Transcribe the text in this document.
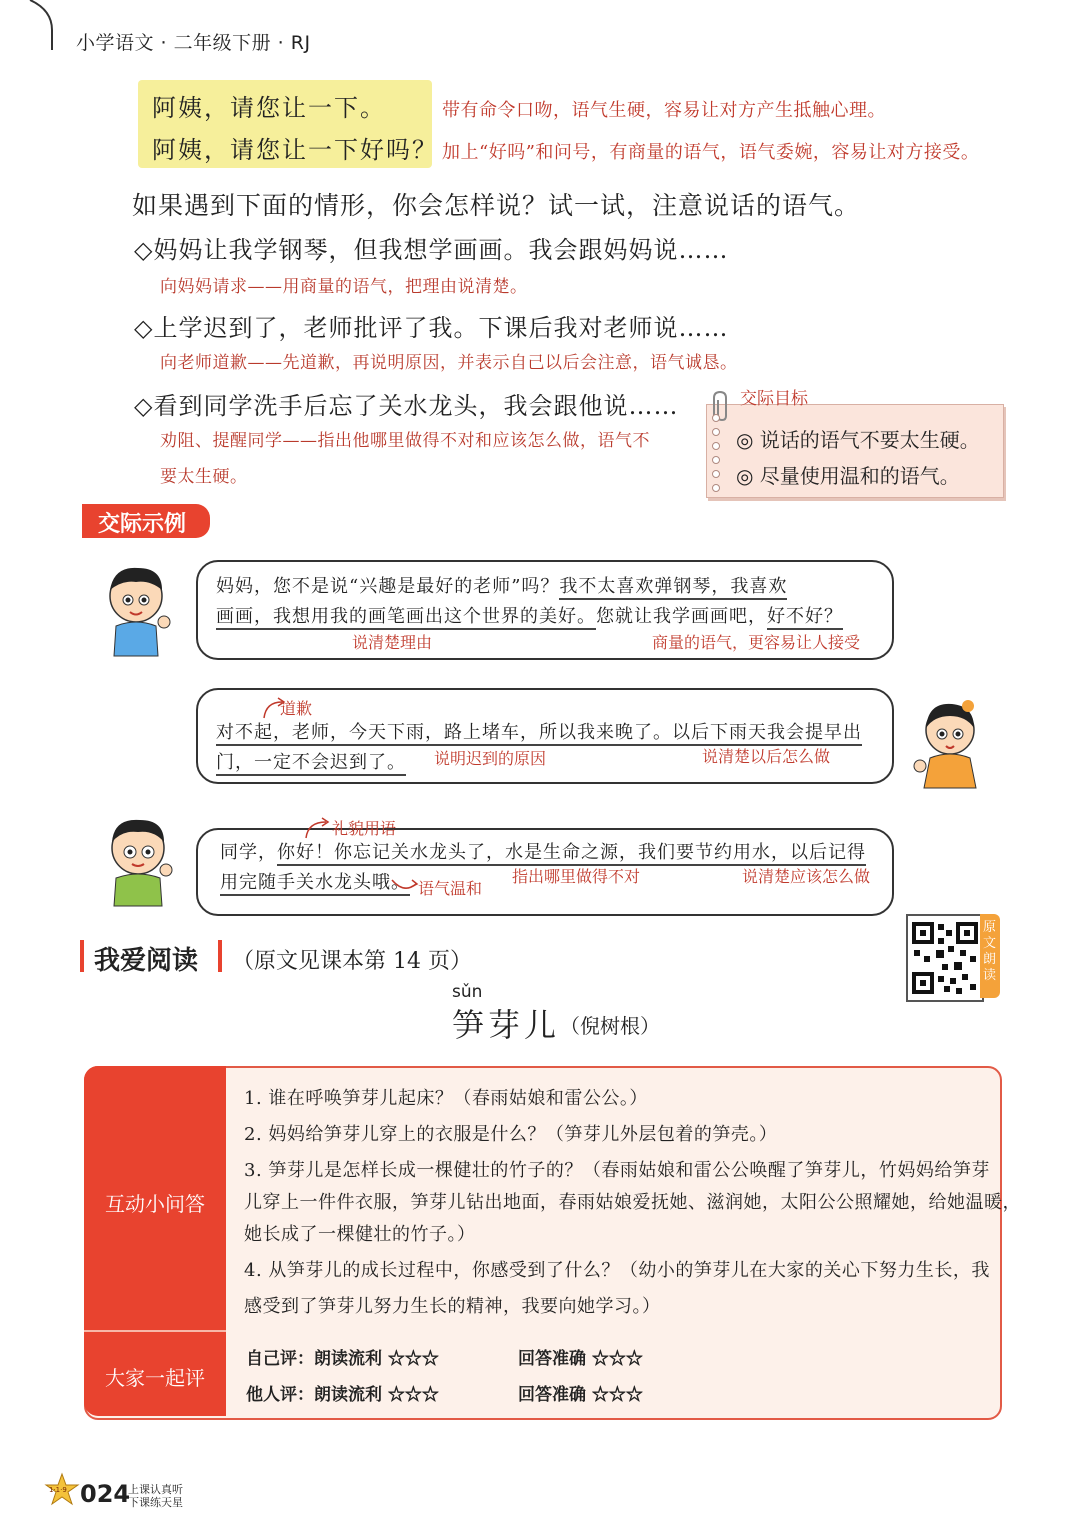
小学语文 · 二年级下册 · RJ
阿姨，请您让一下。
阿姨，请您让一下好吗？
带有命令口吻，语气生硬，容易让对方产生抵触心理。
加上“好吗”和问号，有商量的语气，语气委婉，容易让对方接受。
如果遇到下面的情形，你会怎样说？试一试，注意说话的语气。
◇妈妈让我学钢琴，但我想学画画。我会跟妈妈说……
向妈妈请求——用商量的语气，把理由说清楚。
◇上学迟到了，老师批评了我。下课后我对老师说……
向老师道歉——先道歉，再说明原因，并表示自己以后会注意，语气诚恳。
◇看到同学洗手后忘了关水龙头，我会跟他说……
劝阻、提醒同学——指出他哪里做得不对和应该怎么做，语气不
要太生硬。
交际目标
◎ 说话的语气不要太生硬。
◎ 尽量使用温和的语气。
交际示例
妈妈，您不是说“兴趣是最好的老师”吗？我不太喜欢弹钢琴，我喜欢
画画，我想用我的画笔画出这个世界的美好。您就让我学画画吧，好不好？
说清楚理由	商量的语气，更容易让人接受
道歉
对不起，老师，今天下雨，路上堵车，所以我来晚了。以后下雨天我会提早出
门，一定不会迟到了。 说明迟到的原因	说清楚以后怎么做
礼貌用语
同学，你好！你忘记关水龙头了，水是生命之源，我们要节约用水，以后记得
用完随手关水龙头哦。 语气温和
指出哪里做得不对	说清楚应该怎么做
我爱阅读 （原文见课本第 14 页）
sǔn
笋芽儿 （倪树根）
原文朗读
互动小问答
大家一起评
1. 谁在呼唤笋芽儿起床？（春雨姑娘和雷公公。）
2. 妈妈给笋芽儿穿上的衣服是什么？（笋芽儿外层包着的笋壳。）
3. 笋芽儿是怎样长成一棵健壮的竹子的？（春雨姑娘和雷公公唤醒了笋芽儿，竹妈妈给笋芽
儿穿上一件件衣服，笋芽儿钻出地面，春雨姑娘爱抚她、滋润她，太阳公公照耀她，给她温暖，
她长成了一棵健壮的竹子。）
4. 从笋芽儿的成长过程中，你感受到了什么？（幼小的笋芽儿在大家的关心下努力生长，我
感受到了笋芽儿努力生长的精神，我要向她学习。）
自己评：朗读流利 ☆☆☆	回答准确 ☆☆☆
他人评：朗读流利 ☆☆☆	回答准确 ☆☆☆
1·1·9 024
上课认真听
下课练天星
